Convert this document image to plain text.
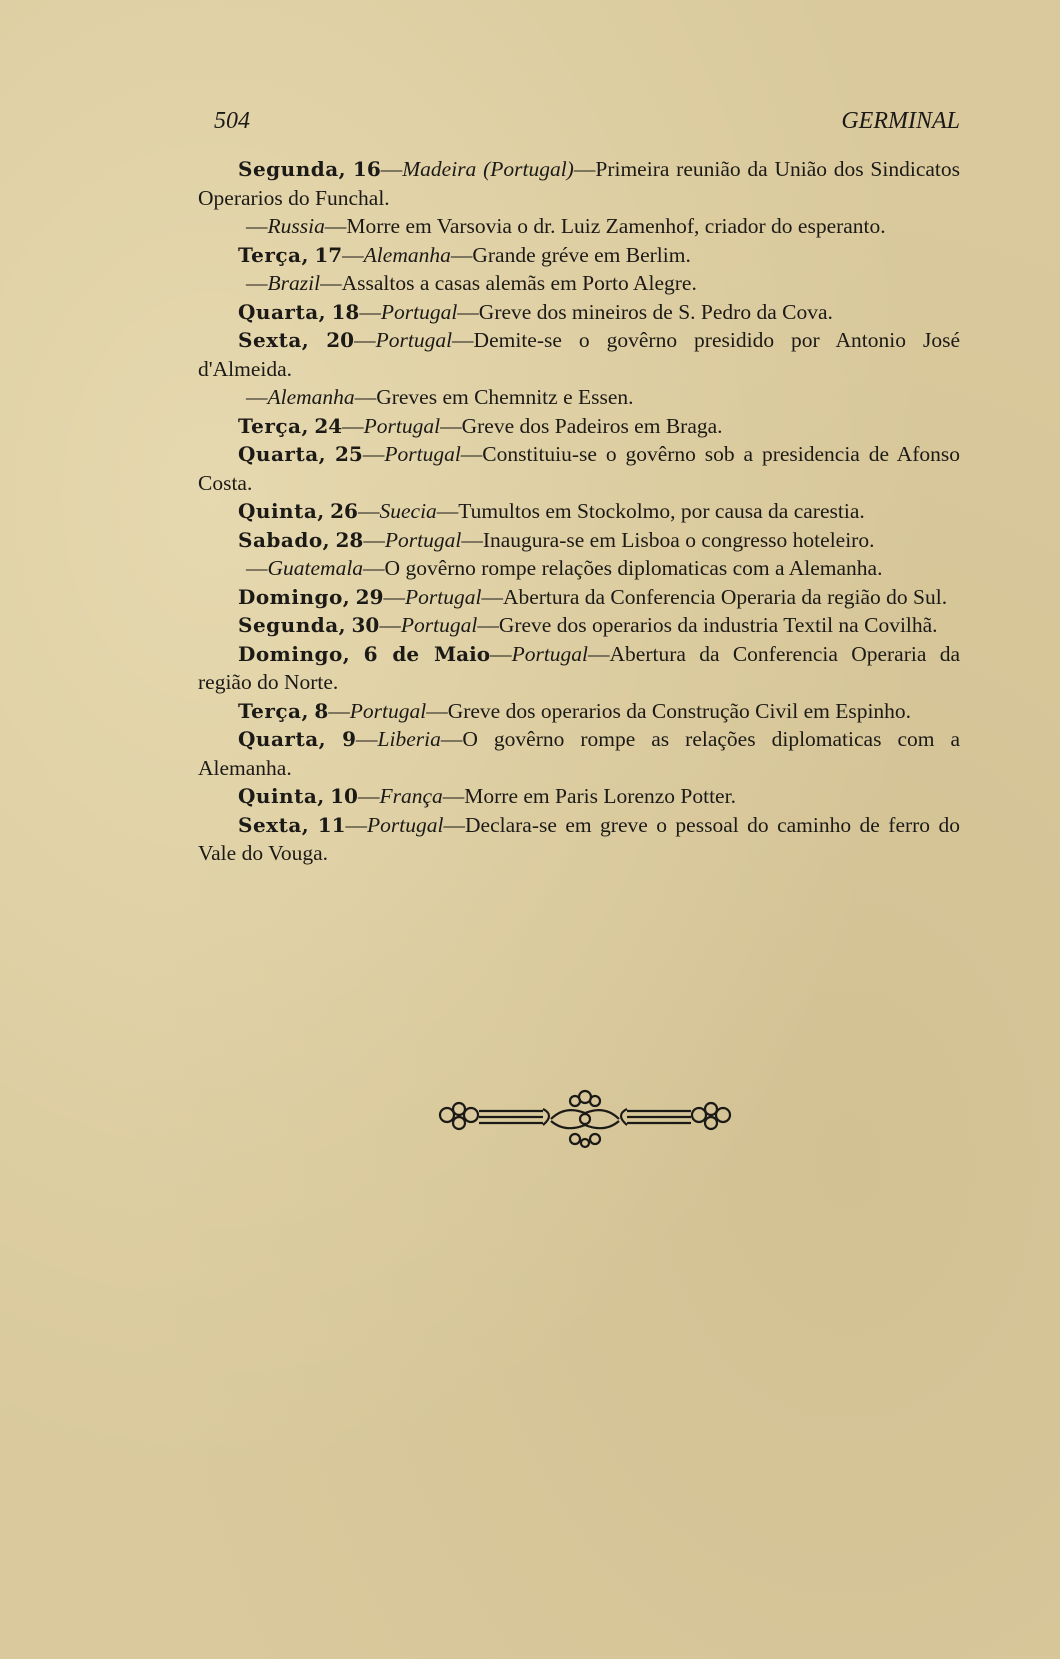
504	GERMINAL
Segunda, 16—Madeira (Portugal)—Primeira reunião da União dos Sindicatos Operarios do Funchal.
—Russia—Morre em Varsovia o dr. Luiz Zamenhof, criador do esperanto.
Terça, 17—Alemanha—Grande gréve em Berlim.
—Brazil—Assaltos a casas alemãs em Porto Alegre.
Quarta, 18—Portugal—Greve dos mineiros de S. Pedro da Cova.
Sexta, 20—Portugal—Demite-se o govêrno presidido por Antonio José d'Almeida.
—Alemanha—Greves em Chemnitz e Essen.
Terça, 24—Portugal—Greve dos Padeiros em Braga.
Quarta, 25—Portugal—Constituiu-se o govêrno sob a presidencia de Afonso Costa.
Quinta, 26—Suecia—Tumultos em Stockolmo, por causa da carestia.
Sabado, 28—Portugal—Inaugura-se em Lisboa o congresso hoteleiro.
—Guatemala—O govêrno rompe relações diplomaticas com a Alemanha.
Domingo, 29—Portugal—Abertura da Conferencia Operaria da região do Sul.
Segunda, 30—Portugal—Greve dos operarios da industria Textil na Covilhã.
Domingo, 6 de Maio—Portugal—Abertura da Conferencia Operaria da região do Norte.
Terça, 8—Portugal—Greve dos operarios da Construção Civil em Espinho.
Quarta, 9—Liberia—O govêrno rompe as relações diplomaticas com a Alemanha.
Quinta, 10—França—Morre em Paris Lorenzo Potter.
Sexta, 11—Portugal—Declara-se em greve o pessoal do caminho de ferro do Vale do Vouga.
